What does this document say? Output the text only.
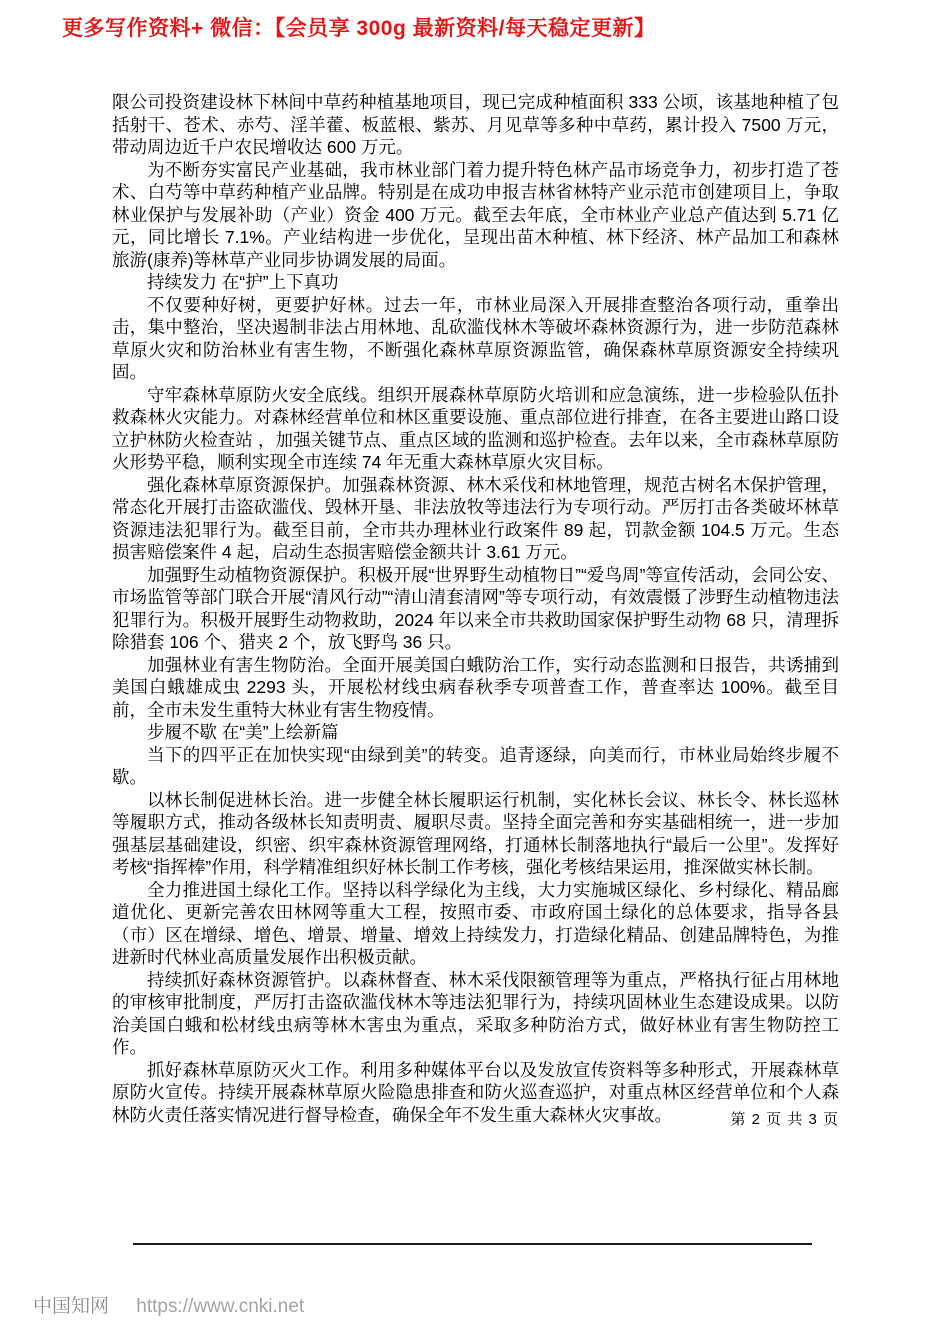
更多写作资料+ 微信：【会员享 300g 最新资料/每天稳定更新】

限公司投资建设林下林间中草药种植基地项目，现已完成种植面积 333 公顷，该基地种植了包括射干、苍术、赤芍、淫羊藿、板蓝根、紫苏、月见草等多种中草药，累计投入 7500 万元，带动周边近千户农民增收达 600 万元。

为不断夯实富民产业基础，我市林业部门着力提升特色林产品市场竞争力，初步打造了苍术、白芍等中草药种植产业品牌。特别是在成功申报吉林省林特产业示范市创建项目上，争取林业保护与发展补助（产业）资金 400 万元。截至去年底，全市林业产业总产值达到 5.71 亿元，同比增长 7.1%。产业结构进一步优化，呈现出苗木种植、林下经济、林产品加工和森林旅游(康养)等林草产业同步协调发展的局面。

持续发力 在“护”上下真功

不仅要种好树，更要护好林。过去一年，市林业局深入开展排查整治各项行动，重拳出击，集中整治，坚决遏制非法占用林地、乱砍滥伐林木等破坏森林资源行为，进一步防范森林草原火灾和防治林业有害生物，不断强化森林草原资源监管，确保森林草原资源安全持续巩固。

守牢森林草原防火安全底线。组织开展森林草原防火培训和应急演练，进一步检验队伍扑救森林火灾能力。对森林经营单位和林区重要设施、重点部位进行排查，在各主要进山路口设立护林防火检查站 ，加强关键节点、重点区域的监测和巡护检查。去年以来，全市森林草原防火形势平稳，顺利实现全市连续 74 年无重大森林草原火灾目标。

强化森林草原资源保护。加强森林资源、林木采伐和林地管理，规范古树名木保护管理，常态化开展打击盗砍滥伐、毁林开垦、非法放牧等违法行为专项行动。严厉打击各类破坏林草资源违法犯罪行为。截至目前，全市共办理林业行政案件 89 起，罚款金额 104.5 万元。生态损害赔偿案件 4 起，启动生态损害赔偿金额共计 3.61 万元。

加强野生动植物资源保护。积极开展“世界野生动植物日”“爱鸟周”等宣传活动，会同公安、市场监管等部门联合开展“清风行动”“清山清套清网”等专项行动，有效震慑了涉野生动植物违法犯罪行为。积极开展野生动物救助，2024 年以来全市共救助国家保护野生动物 68 只，清理拆除猎套 106 个、猎夹 2 个，放飞野鸟 36 只。

加强林业有害生物防治。全面开展美国白蛾防治工作，实行动态监测和日报告，共诱捕到美国白蛾雄成虫 2293 头，开展松材线虫病春秋季专项普查工作，普查率达 100%。截至目前，全市未发生重特大林业有害生物疫情。

步履不歇 在“美”上绘新篇

当下的四平正在加快实现“由绿到美”的转变。追青逐绿，向美而行，市林业局始终步履不歇。

以林长制促进林长治。进一步健全林长履职运行机制，实化林长会议、林长令、林长巡林等履职方式，推动各级林长知责明责、履职尽责。坚持全面完善和夯实基础相统一，进一步加强基层基础建设，织密、织牢森林资源管理网络，打通林长制落地执行“最后一公里”。发挥好考核“指挥棒”作用，科学精准组织好林长制工作考核，强化考核结果运用，推深做实林长制。

全力推进国土绿化工作。坚持以科学绿化为主线，大力实施城区绿化、乡村绿化、精品廊道优化、更新完善农田林网等重大工程，按照市委、市政府国土绿化的总体要求，指导各县（市）区在增绿、增色、增景、增量、增效上持续发力，打造绿化精品、创建品牌特色，为推进新时代林业高质量发展作出积极贡献。

持续抓好森林资源管护。以森林督查、林木采伐限额管理等为重点，严格执行征占用林地的审核审批制度，严厉打击盗砍滥伐林木等违法犯罪行为，持续巩固林业生态建设成果。以防治美国白蛾和松材线虫病等林木害虫为重点，采取多种防治方式，做好林业有害生物防控工作。

抓好森林草原防灭火工作。利用多种媒体平台以及发放宣传资料等多种形式，开展森林草原防火宣传。持续开展森林草原火险隐患排查和防火巡查巡护，对重点林区经营单位和个人森林防火责任落实情况进行督导检查，确保全年不发生重大森林火灾事故。	第 2 页 共 3 页
中国知网 https://www.cnki.net
